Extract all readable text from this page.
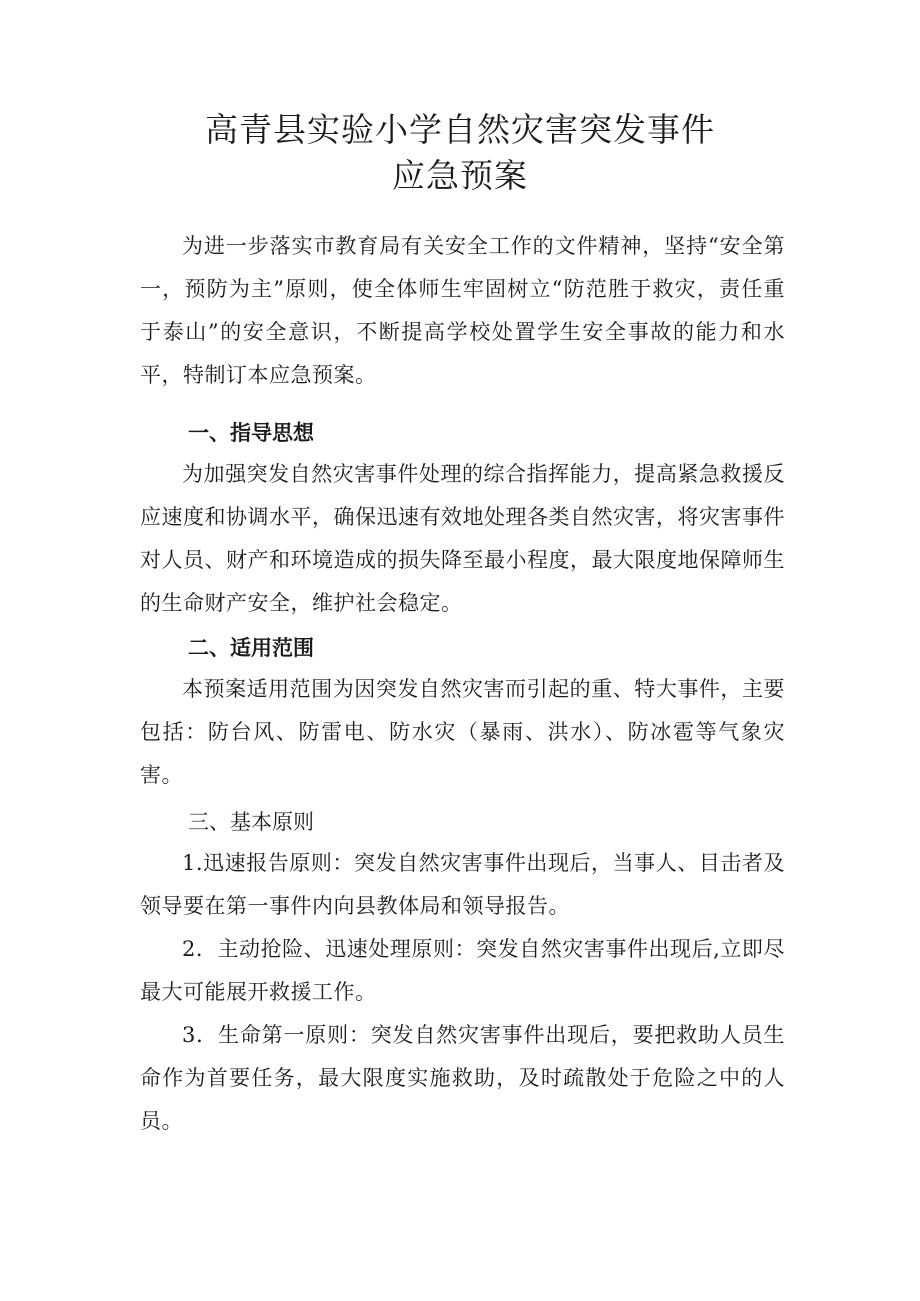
高青县实验小学自然灾害突发事件
应急预案

为进一步落实市教育局有关安全工作的文件精神，坚持“安全第一，预防为主”原则，使全体师生牢固树立“防范胜于救灾，责任重于泰山”的安全意识，不断提高学校处置学生安全事故的能力和水平，特制订本应急预案。

一、指导思想

为加强突发自然灾害事件处理的综合指挥能力，提高紧急救援反应速度和协调水平，确保迅速有效地处理各类自然灾害，将灾害事件对人员、财产和环境造成的损失降至最小程度，最大限度地保障师生的生命财产安全，维护社会稳定。

二、适用范围

本预案适用范围为因突发自然灾害而引起的重、特大事件，主要包括：防台风、防雷电、防水灾（暴雨、洪水）、防冰雹等气象灾害。

三、基本原则

1.迅速报告原则：突发自然灾害事件出现后，当事人、目击者及领导要在第一事件内向县教体局和领导报告。

2．主动抢险、迅速处理原则：突发自然灾害事件出现后,立即尽最大可能展开救援工作。

3．生命第一原则：突发自然灾害事件出现后，要把救助人员生命作为首要任务，最大限度实施救助，及时疏散处于危险之中的人员。
